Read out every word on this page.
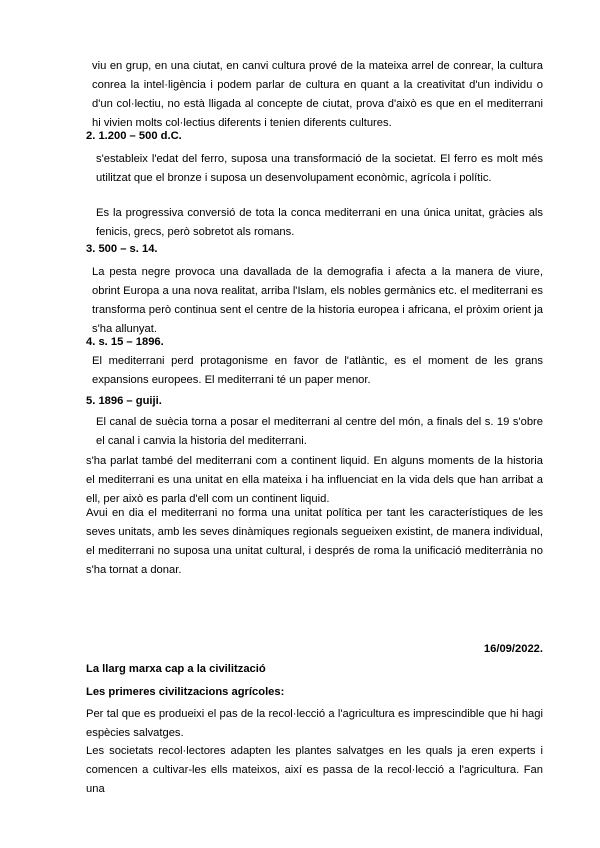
viu en grup, en una ciutat, en canvi cultura prové de la mateixa arrel de conrear, la cultura conrea la intel·ligència i podem parlar de cultura en quant a la creativitat d'un individu o d'un col·lectiu, no està lligada al concepte de ciutat, prova d'això es que en el mediterrani hi vivien molts col·lectius diferents i tenien diferents cultures.

2. 1.200 – 500 d.C.

s'estableix l'edat del ferro, suposa una transformació de la societat. El ferro es molt més utilitzat que el bronze i suposa un desenvolupament econòmic, agrícola i polític.

Es la progressiva conversió de tota la conca mediterrani en una única unitat, gràcies als fenicis, grecs, però sobretot als romans.

3. 500 – s. 14.

La pesta negre provoca una davallada de la demografia i afecta a la manera de viure, obrint Europa a una nova realitat, arriba l'Islam, els nobles germànics etc. el mediterrani es transforma però continua sent el centre de la historia europea i africana, el pròxim orient ja s'ha allunyat.

4. s. 15 – 1896.

El mediterrani perd protagonisme en favor de l'atlàntic, es el moment de les grans expansions europees. El mediterrani té un paper menor.

5. 1896 – guiji.

El canal de suècia torna a posar el mediterrani al centre del món, a finals del s. 19 s'obre el canal i canvia la historia del mediterrani.

s'ha parlat també del mediterrani com a continent liquid. En alguns moments de la historia el mediterrani es una unitat en ella mateixa i ha influenciat en la vida dels que han arribat a ell, per això es parla d'ell com un continent liquid.

Avui en dia el mediterrani no forma una unitat política per tant les característiques de les seves unitats, amb les seves dinàmiques regionals segueixen existint, de manera individual, el mediterrani no suposa una unitat cultural, i després de roma la unificació mediterrània no s'ha tornat a donar.

16/09/2022.

La llarg marxa cap a la civilització

Les primeres civilitzacions agrícoles:

Per tal que es produeixi el pas de la recol·lecció a l'agricultura es imprescindible que hi hagi espècies salvatges.

Les societats recol·lectores adapten les plantes salvatges en les quals ja eren experts i comencen a cultivar-les ells mateixos, així es passa de la recol·lecció a l'agricultura. Fan una
